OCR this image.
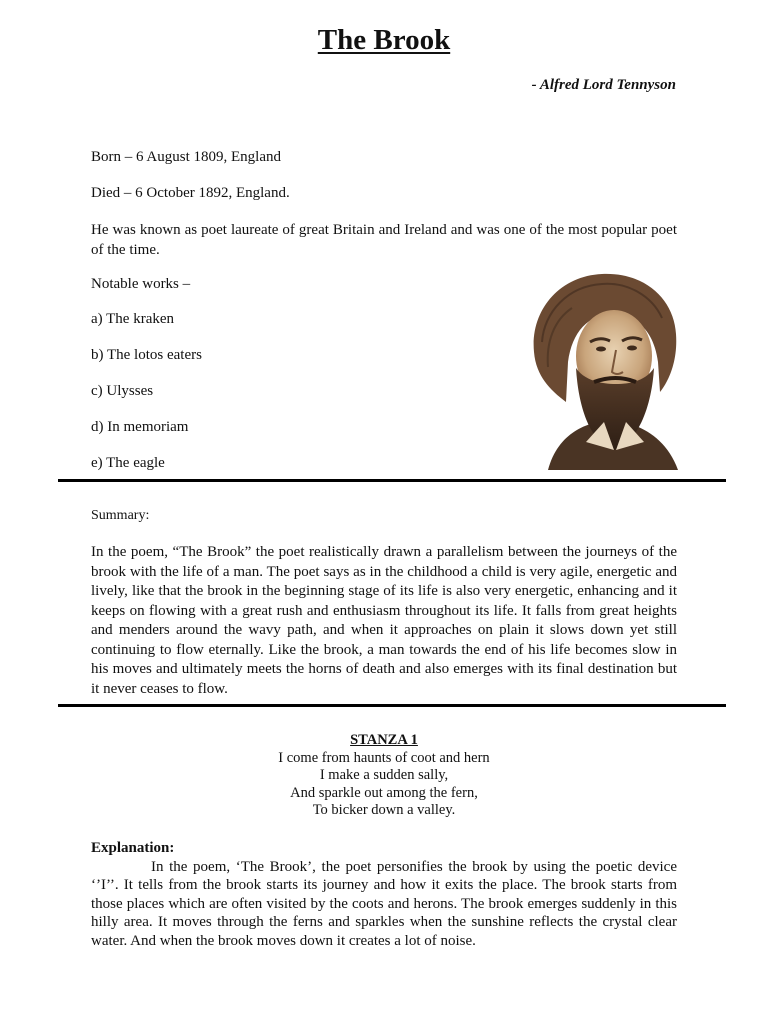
The Brook
- Alfred Lord Tennyson
Born – 6 August 1809, England
Died – 6 October 1892, England.
He was known as poet laureate of great Britain and Ireland and was one of the most popular poet of the time.
Notable works –
a) The kraken
b) The lotos eaters
c) Ulysses
d) In memoriam
e) The eagle
Summary:
In the poem, “The Brook” the poet realistically drawn a parallelism between the journeys of the brook with the life of a man. The poet says as in the childhood a child is very agile, energetic and lively, like that the brook in the beginning stage of its life is also very energetic, enhancing and it keeps on flowing with a great rush and enthusiasm throughout its life. It falls from great heights and menders around the wavy path, and when it approaches on plain it slows down yet still continuing to flow eternally. Like the brook, a man towards the end of his life becomes slow in his moves and ultimately meets the horns of death and also emerges with its final destination but it never ceases to flow.
STANZA 1
I come from haunts of coot and hern
I make a sudden sally,
And sparkle out among the fern,
To bicker down a valley.
Explanation:
In the poem, ‘The Brook’, the poet personifies the brook by using the poetic device ‘’I’’. It tells from the brook starts its journey and how it exits the place. The brook starts from those places which are often visited by the coots and herons. The brook emerges suddenly in this hilly area. It moves through the ferns and sparkles when the sunshine reflects the crystal clear water. And when the brook moves down it creates a lot of noise.
